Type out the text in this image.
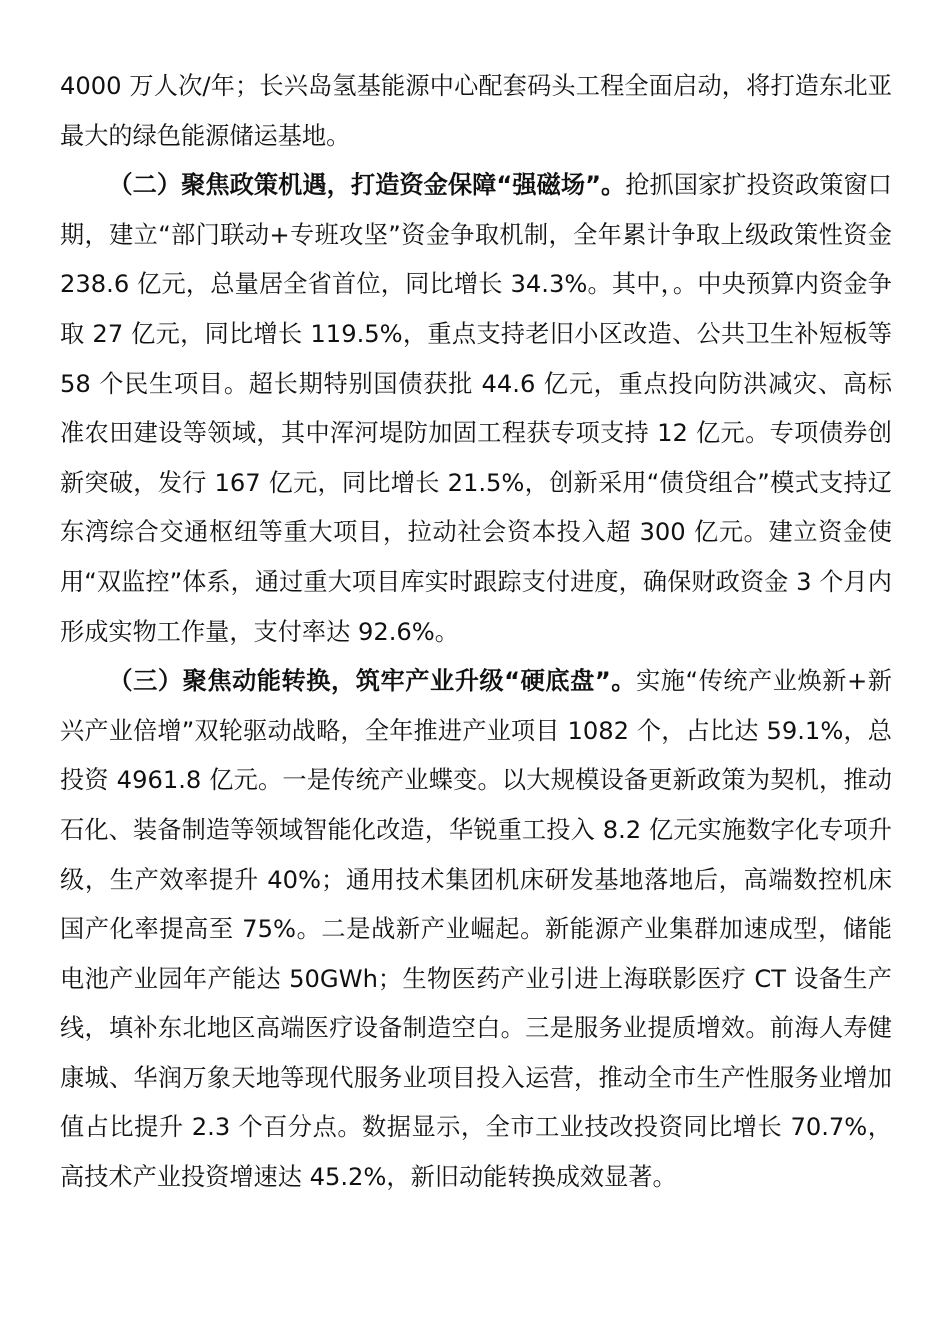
4000 万人次/年；长兴岛氢基能源中心配套码头工程全面启动，将打造东北亚最大的绿色能源储运基地。

（二）聚焦政策机遇，打造资金保障“强磁场”。抢抓国家扩投资政策窗口期，建立“部门联动+专班攻坚”资金争取机制，全年累计争取上级政策性资金 238.6 亿元，总量居全省首位，同比增长 34.3%。其中，。中央预算内资金争取 27 亿元，同比增长 119.5%，重点支持老旧小区改造、公共卫生补短板等 58 个民生项目。超长期特别国债获批 44.6 亿元，重点投向防洪减灾、高标准农田建设等领域，其中浑河堤防加固工程获专项支持 12 亿元。专项债券创新突破，发行 167 亿元，同比增长 21.5%，创新采用“债贷组合”模式支持辽东湾综合交通枢纽等重大项目，拉动社会资本投入超 300 亿元。建立资金使用“双监控”体系，通过重大项目库实时跟踪支付进度，确保财政资金 3 个月内形成实物工作量，支付率达 92.6%。

（三）聚焦动能转换，筑牢产业升级“硬底盘”。实施“传统产业焕新+新兴产业倍增”双轮驱动战略，全年推进产业项目 1082 个，占比达 59.1%，总投资 4961.8 亿元。一是传统产业蝶变。以大规模设备更新政策为契机，推动石化、装备制造等领域智能化改造，华锐重工投入 8.2 亿元实施数字化专项升级，生产效率提升 40%；通用技术集团机床研发基地落地后，高端数控机床国产化率提高至 75%。二是战新产业崛起。新能源产业集群加速成型，储能电池产业园年产能达 50GWh；生物医药产业引进上海联影医疗 CT 设备生产线，填补东北地区高端医疗设备制造空白。三是服务业提质增效。前海人寿健康城、华润万象天地等现代服务业项目投入运营，推动全市生产性服务业增加值占比提升 2.3 个百分点。数据显示，全市工业技改投资同比增长 70.7%，高技术产业投资增速达 45.2%，新旧动能转换成效显著。
